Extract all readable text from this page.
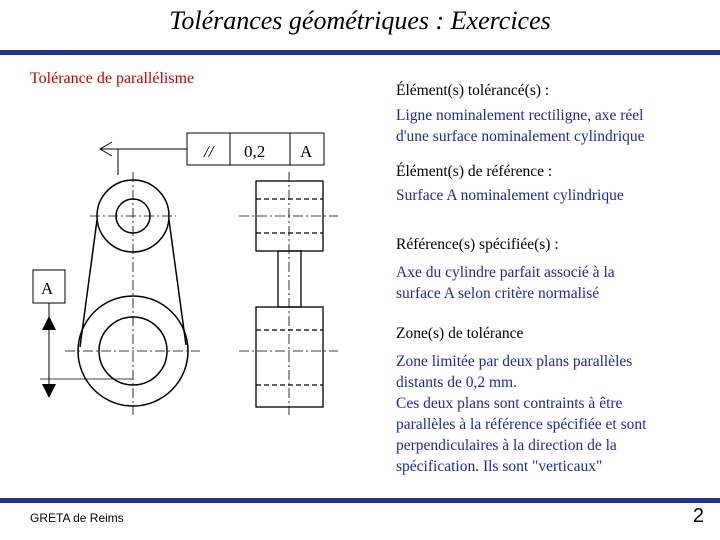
Tolérances géométriques : Exercices
Tolérance de parallélisme
// 0,2 A
A
Élément(s) tolérancé(s) :
Ligne nominalement rectiligne, axe réel
d'une surface nominalement cylindrique
Élément(s) de référence :
Surface A nominalement cylindrique
Référence(s) spécifiée(s) :
Axe du cylindre parfait associé à la
surface A selon critère normalisé
Zone(s) de tolérance
Zone limitée par deux plans parallèles
distants de 0,2 mm.
Ces deux plans sont contraints à être
parallèles à la référence spécifiée et sont
perpendiculaires à la direction de la
spécification. Ils sont "verticaux"
GRETA de Reims	2
